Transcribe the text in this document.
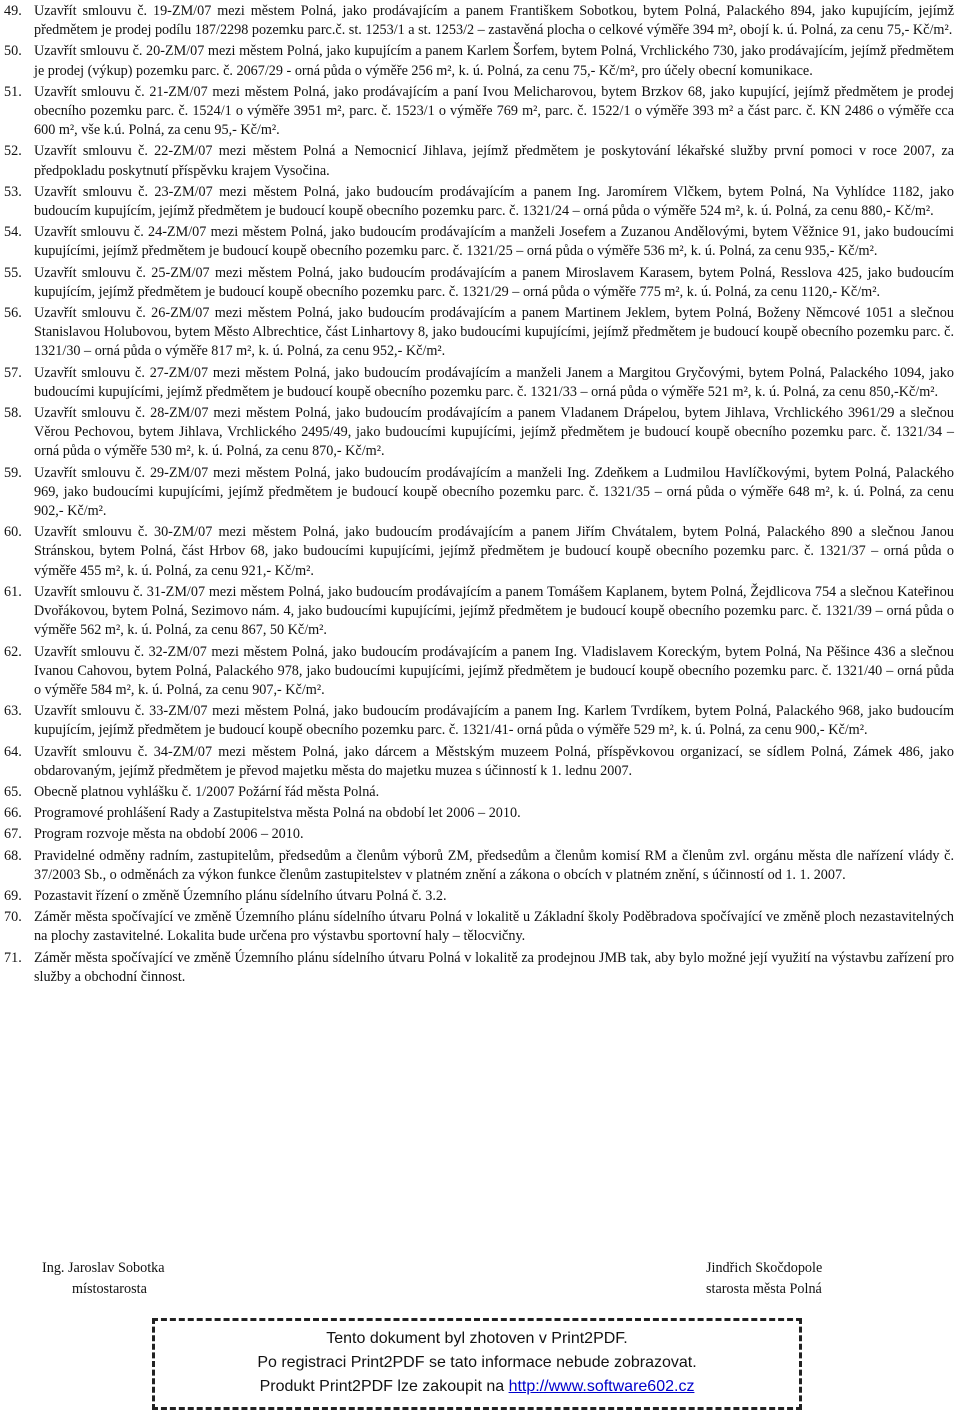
49. Uzavřít smlouvu č. 19-ZM/07 mezi městem Polná, jako prodávajícím a panem Františkem Sobotkou, bytem Polná, Palackého 894, jako kupujícím, jejímž předmětem je prodej podílu 187/2298 pozemku parc.č. st. 1253/1 a st. 1253/2 – zastavěná plocha o celkové výměře 394 m², obojí k. ú. Polná, za cenu 75,- Kč/m².
50. Uzavřít smlouvu č. 20-ZM/07 mezi městem Polná, jako kupujícím a panem Karlem Šorfem, bytem Polná, Vrchlického 730, jako prodávajícím, jejímž předmětem je prodej (výkup) pozemku parc. č. 2067/29 - orná půda o výměře 256 m², k. ú. Polná, za cenu 75,- Kč/m², pro účely obecní komunikace.
51. Uzavřít smlouvu č. 21-ZM/07 mezi městem Polná, jako prodávajícím a paní Ivou Melicharovou, bytem Brzkov 68, jako kupující, jejímž předmětem je prodej obecního pozemku parc. č. 1524/1 o výměře 3951 m², parc. č. 1523/1 o výměře 769 m², parc. č. 1522/1 o výměře 393 m² a část parc. č. KN 2486 o výměře cca 600 m², vše k.ú. Polná, za cenu 95,- Kč/m².
52. Uzavřít smlouvu č. 22-ZM/07 mezi městem Polná a Nemocnicí Jihlava, jejímž předmětem je poskytování lékařské služby první pomoci v roce 2007, za předpokladu poskytnutí příspěvku krajem Vysočina.
53. Uzavřít smlouvu č. 23-ZM/07 mezi městem Polná, jako budoucím prodávajícím a panem Ing. Jaromírem Vlčkem, bytem Polná, Na Vyhlídce 1182, jako budoucím kupujícím, jejímž předmětem je budoucí koupě obecního pozemku parc. č. 1321/24 – orná půda o výměře 524 m², k. ú. Polná, za cenu 880,- Kč/m².
54. Uzavřít smlouvu č. 24-ZM/07 mezi městem Polná, jako budoucím prodávajícím a manželi Josefem a Zuzanou Andělovými, bytem Věžnice 91, jako budoucími kupujícími, jejímž předmětem je budoucí koupě obecního pozemku parc. č. 1321/25 – orná půda o výměře 536 m², k. ú. Polná, za cenu 935,- Kč/m².
55. Uzavřít smlouvu č. 25-ZM/07 mezi městem Polná, jako budoucím prodávajícím a panem Miroslavem Karasem, bytem Polná, Resslova 425, jako budoucím kupujícím, jejímž předmětem je budoucí koupě obecního pozemku parc. č. 1321/29 – orná půda o výměře 775 m², k. ú. Polná, za cenu 1120,- Kč/m².
56. Uzavřít smlouvu č. 26-ZM/07 mezi městem Polná, jako budoucím prodávajícím a panem Martinem Jeklem, bytem Polná, Boženy Němcové 1051 a slečnou Stanislavou Holubovou, bytem Město Albrechtice, část Linhartovy 8, jako budoucími kupujícími, jejímž předmětem je budoucí koupě obecního pozemku parc. č. 1321/30 – orná půda o výměře 817 m², k. ú. Polná, za cenu 952,- Kč/m².
57. Uzavřít smlouvu č. 27-ZM/07 mezi městem Polná, jako budoucím prodávajícím a manželi Janem a Margitou Gryčovými, bytem Polná, Palackého 1094, jako budoucími kupujícími, jejímž předmětem je budoucí koupě obecního pozemku parc. č. 1321/33 – orná půda o výměře 521 m², k. ú. Polná, za cenu 850,-Kč/m².
58. Uzavřít smlouvu č. 28-ZM/07 mezi městem Polná, jako budoucím prodávajícím a panem Vladanem Drápelou, bytem Jihlava, Vrchlického 3961/29 a slečnou Věrou Pechovou, bytem Jihlava, Vrchlického 2495/49, jako budoucími kupujícími, jejímž předmětem je budoucí koupě obecního pozemku parc. č. 1321/34 – orná půda o výměře 530 m², k. ú. Polná, za cenu 870,- Kč/m².
59. Uzavřít smlouvu č. 29-ZM/07 mezi městem Polná, jako budoucím prodávajícím a manželi Ing. Zdeňkem a Ludmilou Havlíčkovými, bytem Polná, Palackého 969, jako budoucími kupujícími, jejímž předmětem je budoucí koupě obecního pozemku parc. č. 1321/35 – orná půda o výměře 648 m², k. ú. Polná, za cenu 902,- Kč/m².
60. Uzavřít smlouvu č. 30-ZM/07 mezi městem Polná, jako budoucím prodávajícím a panem Jiřím Chvátalem, bytem Polná, Palackého 890 a slečnou Janou Stránskou, bytem Polná, část Hrbov 68, jako budoucími kupujícími, jejímž předmětem je budoucí koupě obecního pozemku parc. č. 1321/37 – orná půda o výměře 455 m², k. ú. Polná, za cenu 921,- Kč/m².
61. Uzavřít smlouvu č. 31-ZM/07 mezi městem Polná, jako budoucím prodávajícím a panem Tomášem Kaplanem, bytem Polná, Žejdlicova 754 a slečnou Kateřinou Dvořákovou, bytem Polná, Sezimovo nám. 4, jako budoucími kupujícími, jejímž předmětem je budoucí koupě obecního pozemku parc. č. 1321/39 – orná půda o výměře 562 m², k. ú. Polná, za cenu 867, 50 Kč/m².
62. Uzavřít smlouvu č. 32-ZM/07 mezi městem Polná, jako budoucím prodávajícím a panem Ing. Vladislavem Koreckým, bytem Polná, Na Pěšince 436 a slečnou Ivanou Cahovou, bytem Polná, Palackého 978, jako budoucími kupujícími, jejímž předmětem je budoucí koupě obecního pozemku parc. č. 1321/40 – orná půda o výměře 584 m², k. ú. Polná, za cenu 907,- Kč/m².
63. Uzavřít smlouvu č. 33-ZM/07 mezi městem Polná, jako budoucím prodávajícím a panem Ing. Karlem Tvrdíkem, bytem Polná, Palackého 968, jako budoucím kupujícím, jejímž předmětem je budoucí koupě obecního pozemku parc. č. 1321/41- orná půda o výměře 529 m², k. ú. Polná, za cenu 900,- Kč/m².
64. Uzavřít smlouvu č. 34-ZM/07 mezi městem Polná, jako dárcem a Městským muzeem Polná, příspěvkovou organizací, se sídlem Polná, Zámek 486, jako obdarovaným, jejímž předmětem je převod majetku města do majetku muzea s účinností k 1. lednu 2007.
65. Obecně platnou vyhlášku č. 1/2007 Požární řád města Polná.
66. Programové prohlášení Rady a Zastupitelstva města Polná na období let 2006 – 2010.
67. Program rozvoje města na období 2006 – 2010.
68. Pravidelné odměny radním, zastupitelům, předsedům a členům výborů ZM, předsedům a členům komisí RM a členům zvl. orgánu města dle nařízení vlády č. 37/2003 Sb., o odměnách za výkon funkce členům zastupitelstev v platném znění a zákona o obcích v platném znění, s účinností od 1. 1. 2007.
69. Pozastavit řízení o změně Územního plánu sídelního útvaru Polná č. 3.2.
70. Záměr města spočívající ve změně Územního plánu sídelního útvaru Polná v lokalitě u Základní školy Poděbradova spočívající ve změně ploch nezastavitelných na plochy zastavitelné. Lokalita bude určena pro výstavbu sportovní haly – tělocvičny.
71. Záměr města spočívající ve změně Územního plánu sídelního útvaru Polná v lokalitě za prodejnou JMB tak, aby bylo možné její využití na výstavbu zařízení pro služby a obchodní činnost.
Ing. Jaroslav Sobotka
místostarosta
Jindřich Skočdopole
starosta města Polná
Tento dokument byl zhotoven v Print2PDF.
Po registraci Print2PDF se tato informace nebude zobrazovat.
Produkt Print2PDF lze zakoupit na http://www.software602.cz
